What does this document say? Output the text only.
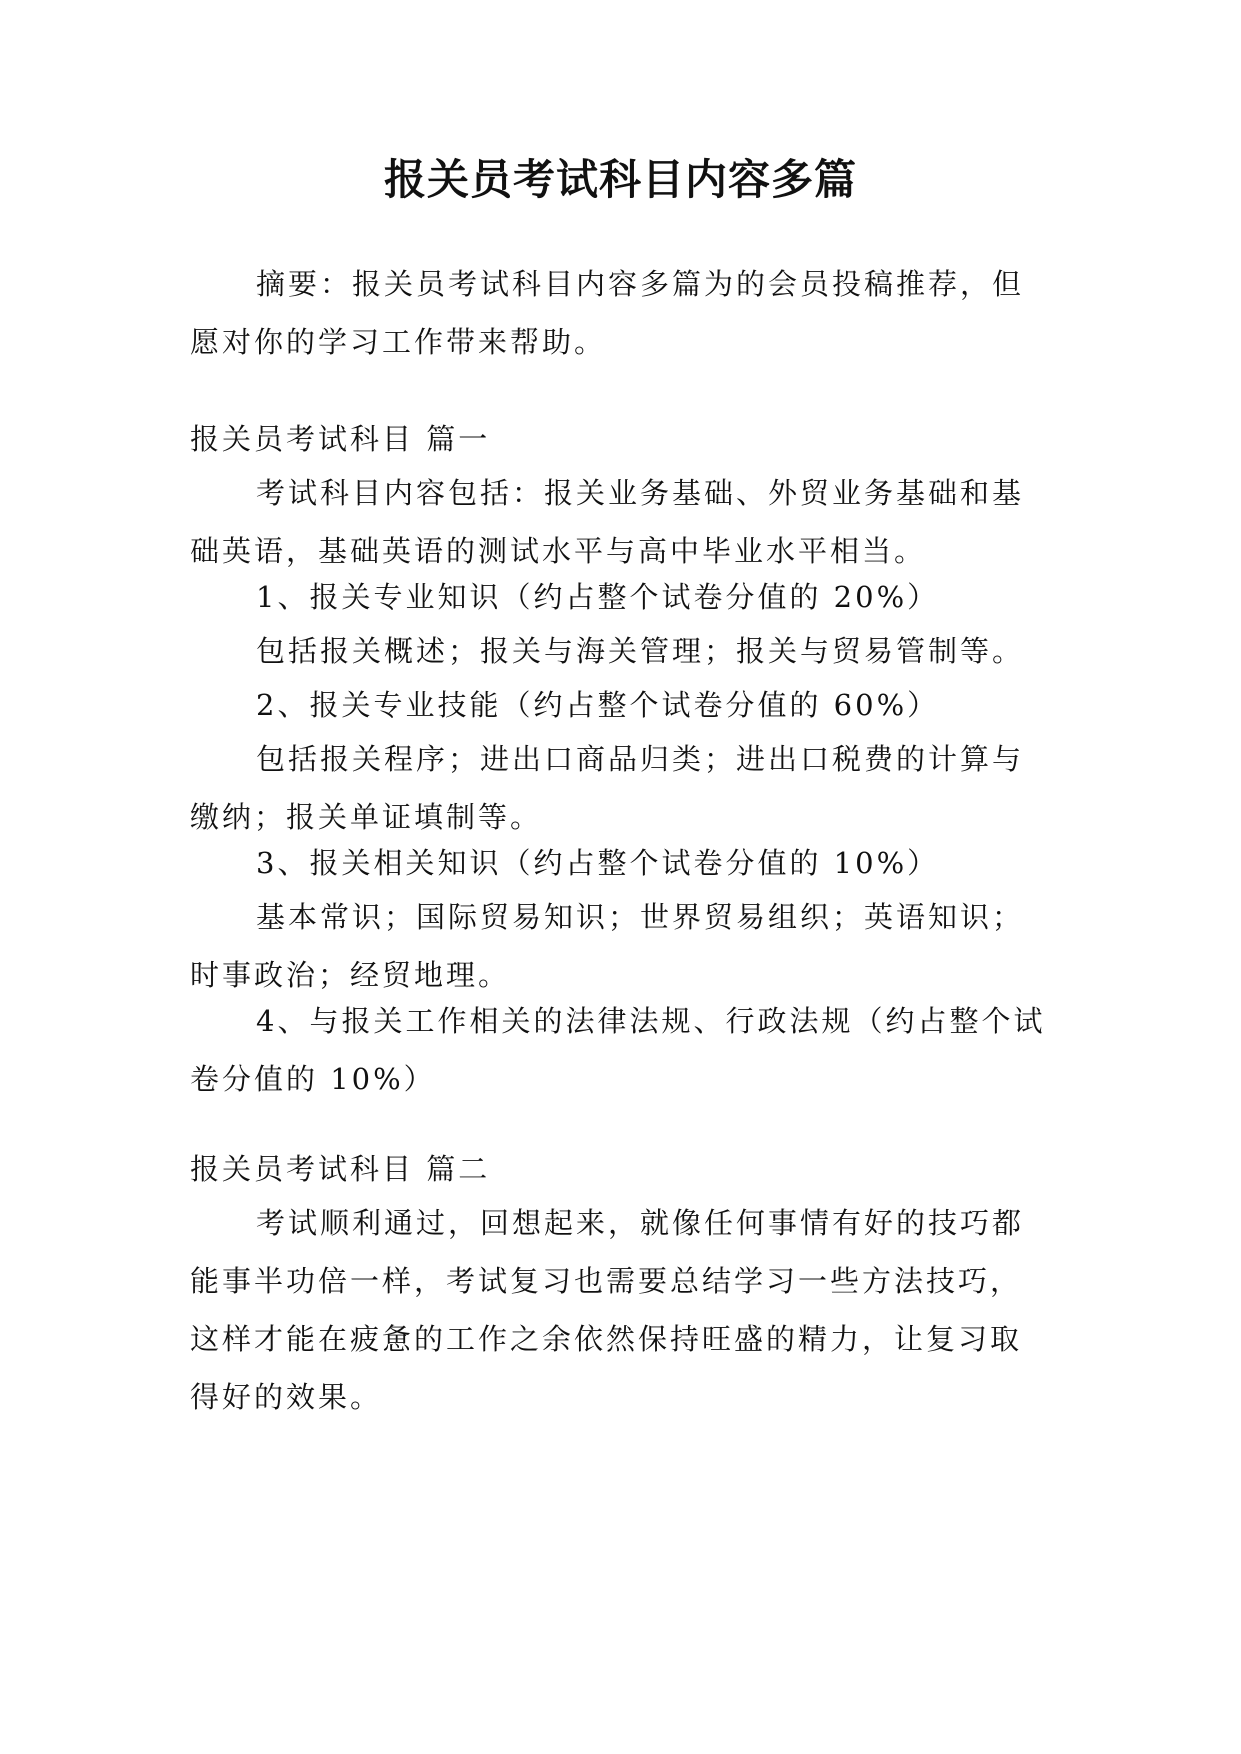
报关员考试科目内容多篇
摘要：报关员考试科目内容多篇为的会员投稿推荐，但愿对你的学习工作带来帮助。
报关员考试科目 篇一
考试科目内容包括：报关业务基础、外贸业务基础和基础英语，基础英语的测试水平与高中毕业水平相当。
1、报关专业知识（约占整个试卷分值的 20%）
包括报关概述；报关与海关管理；报关与贸易管制等。
2、报关专业技能（约占整个试卷分值的 60%）
包括报关程序；进出口商品归类；进出口税费的计算与缴纳；报关单证填制等。
3、报关相关知识（约占整个试卷分值的 10%）
基本常识；国际贸易知识；世界贸易组织；英语知识；时事政治；经贸地理。
4、与报关工作相关的法律法规、行政法规（约占整个试卷分值的 10%）
报关员考试科目 篇二
考试顺利通过，回想起来，就像任何事情有好的技巧都能事半功倍一样，考试复习也需要总结学习一些方法技巧，这样才能在疲惫的工作之余依然保持旺盛的精力，让复习取得好的效果。
